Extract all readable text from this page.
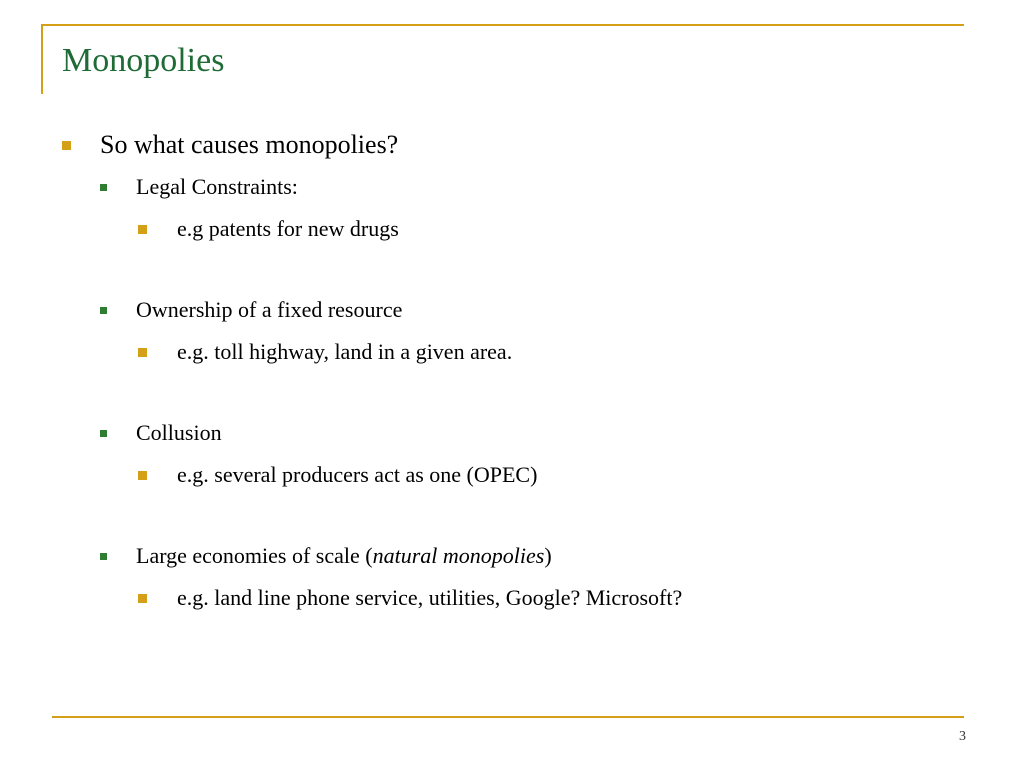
Monopolies
So what causes monopolies?
Legal Constraints:
e.g patents for new drugs
Ownership of a fixed resource
e.g. toll highway, land in a given area.
Collusion
e.g. several producers act as one (OPEC)
Large economies of scale (natural monopolies)
e.g. land line phone service, utilities, Google? Microsoft?
3
